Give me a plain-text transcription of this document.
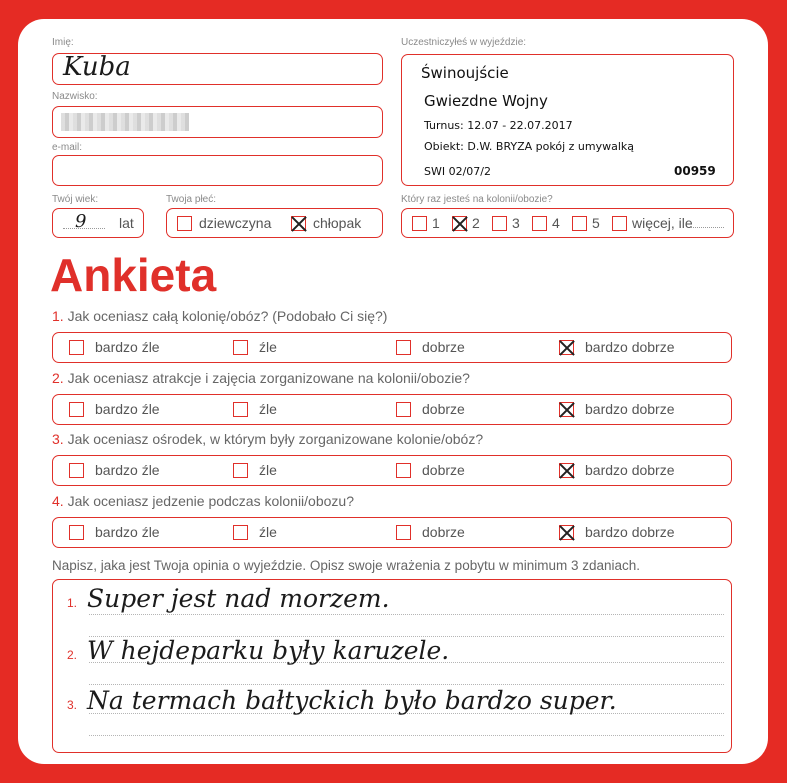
Imię:
Kuba
Nazwisko:
e-mail:
Twój wiek:
9 lat
Twoja płeć:
dziewczyna	chłopak
Uczestniczyłeś w wyjeździe:
Świnoujście
Gwiezdne Wojny
Turnus: 12.07 - 22.07.2017
Obiekt: D.W. BRYZA pokój z umywalką
SWI 02/07/2	00959
Który raz jesteś na kolonii/obozie?
1 2 3 4 5 więcej, ile
Ankieta
1. Jak oceniasz całą kolonię/obóz? (Podobało Ci się?)
bardzo źle	źle	dobrze	bardzo dobrze
2. Jak oceniasz atrakcje i zajęcia zorganizowane na kolonii/obozie?
bardzo źle	źle	dobrze	bardzo dobrze
3. Jak oceniasz ośrodek, w którym były zorganizowane kolonie/obóz?
bardzo źle	źle	dobrze	bardzo dobrze
4. Jak oceniasz jedzenie podczas kolonii/obozu?
bardzo źle	źle	dobrze	bardzo dobrze
Napisz, jaka jest Twoja opinia o wyjeździe. Opisz swoje wrażenia z pobytu w minimum 3 zdaniach.
1. Super jest nad morzem.
2. W hejdeparku były karuzele.
3. Na termach bałtyckich było bardzo super.
